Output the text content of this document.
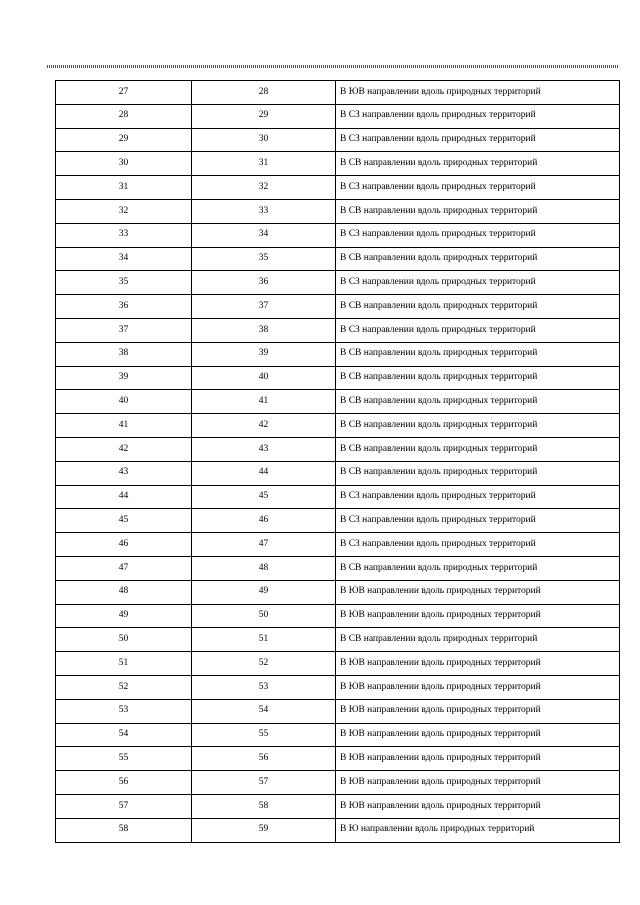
27	28	В ЮВ направлении вдоль природных территорий
28	29	В СЗ направлении вдоль природных территорий
29	30	В СЗ направлении вдоль природных территорий
30	31	В СВ направлении вдоль природных территорий
31	32	В СЗ направлении вдоль природных территорий
32	33	В СВ направлении вдоль природных территорий
33	34	В СЗ направлении вдоль природных территорий
34	35	В СВ направлении вдоль природных территорий
35	36	В СЗ направлении вдоль природных территорий
36	37	В СВ направлении вдоль природных территорий
37	38	В СЗ направлении вдоль природных территорий
38	39	В СВ направлении вдоль природных территорий
39	40	В СВ направлении вдоль природных территорий
40	41	В СВ направлении вдоль природных территорий
41	42	В СВ направлении вдоль природных территорий
42	43	В СВ направлении вдоль природных территорий
43	44	В СВ направлении вдоль природных территорий
44	45	В СЗ направлении вдоль природных территорий
45	46	В СЗ направлении вдоль природных территорий
46	47	В СЗ направлении вдоль природных территорий
47	48	В СВ направлении вдоль природных территорий
48	49	В ЮВ направлении вдоль природных территорий
49	50	В ЮВ направлении вдоль природных территорий
50	51	В СВ направлении вдоль природных территорий
51	52	В ЮВ направлении вдоль природных территорий
52	53	В ЮВ направлении вдоль природных территорий
53	54	В ЮВ направлении вдоль природных территорий
54	55	В ЮВ направлении вдоль природных территорий
55	56	В ЮВ направлении вдоль природных территорий
56	57	В ЮВ направлении вдоль природных территорий
57	58	В ЮВ направлении вдоль природных территорий
58	59	В Ю направлении вдоль природных территорий
